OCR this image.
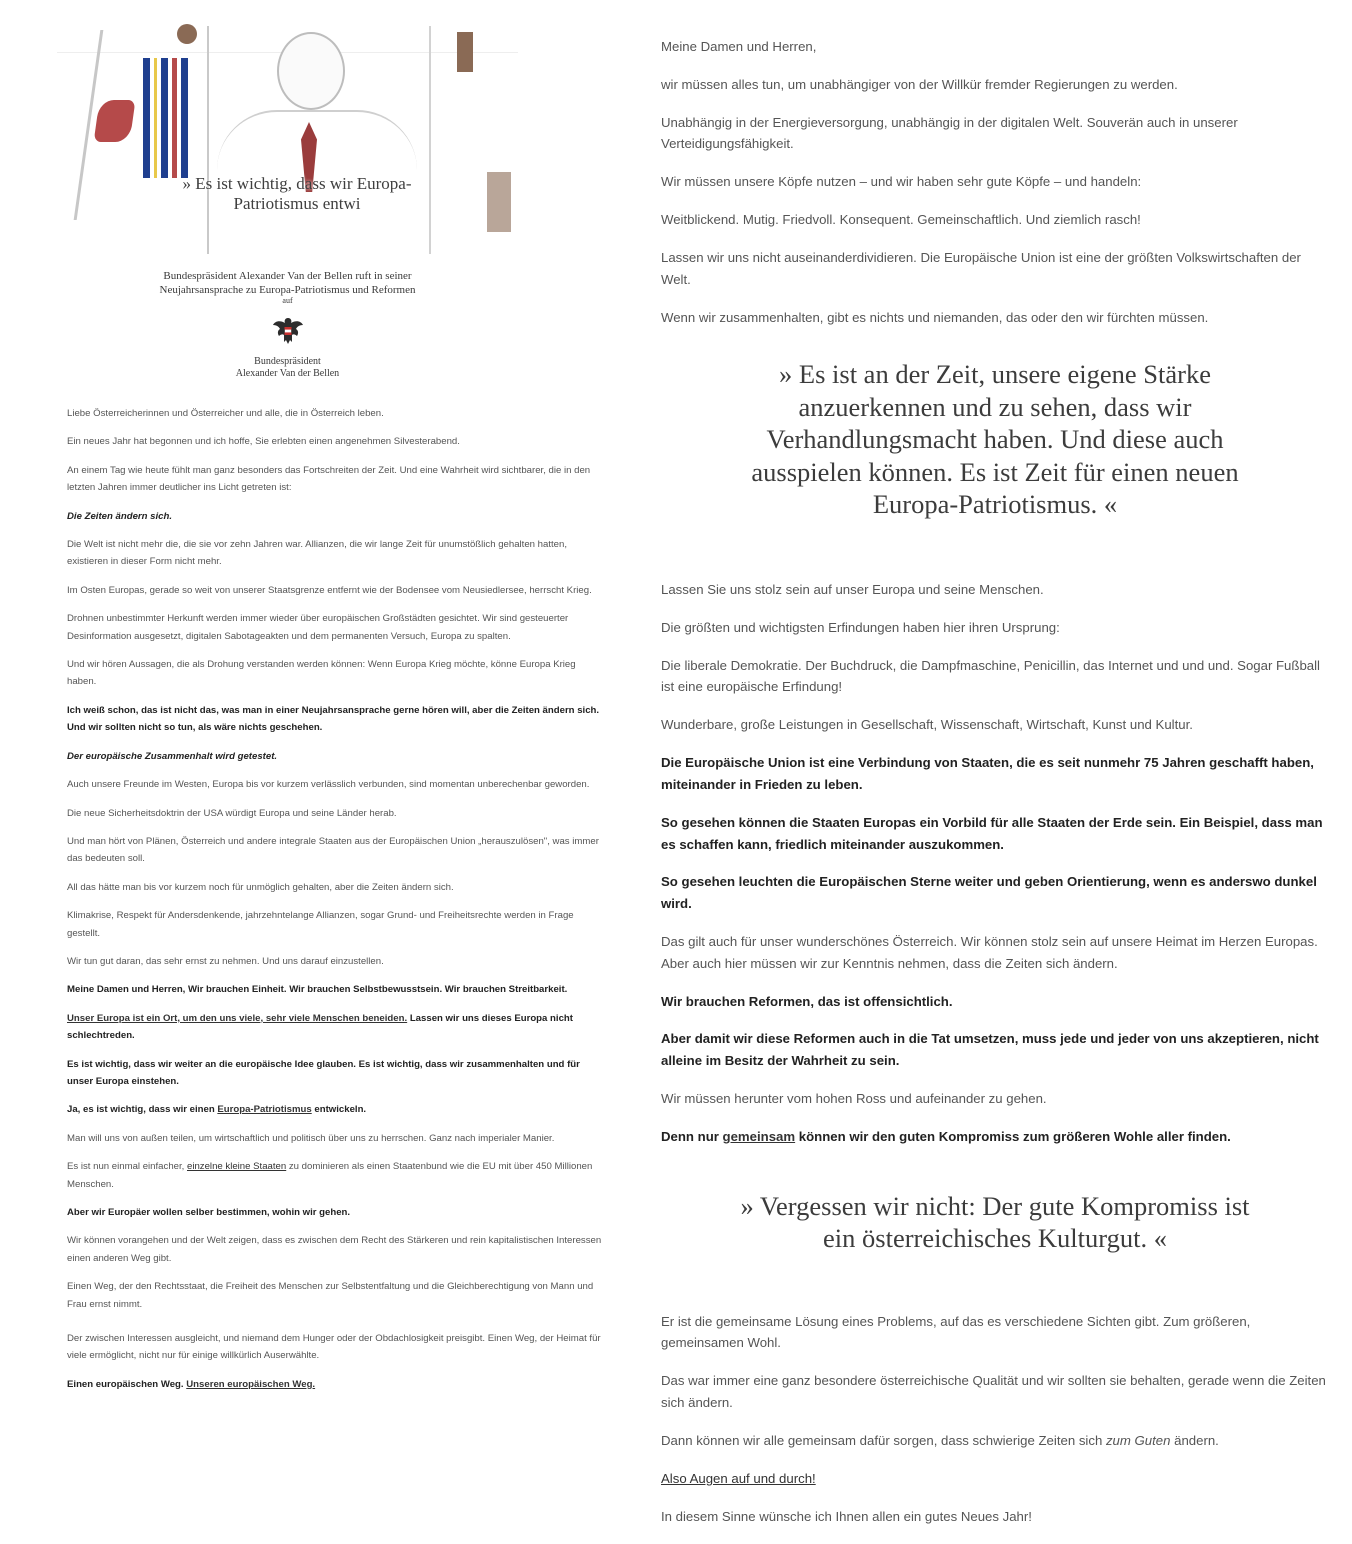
» Es ist wichtig, dass wir Europa-Patriotismus entwi
Bundespräsident Alexander Van der Bellen ruft in seiner
Neujahrsansprache zu Europa-Patriotismus und Reformen
auf
Bundespräsident
Alexander Van der Bellen

Liebe Österreicherinnen und Österreicher und alle, die in Österreich leben.

Ein neues Jahr hat begonnen und ich hoffe, Sie erlebten einen angenehmen Silvesterabend.

An einem Tag wie heute fühlt man ganz besonders das Fortschreiten der Zeit. Und eine Wahrheit wird sichtbarer, die in den letzten Jahren immer deutlicher ins Licht getreten ist:

Die Zeiten ändern sich.

Die Welt ist nicht mehr die, die sie vor zehn Jahren war. Allianzen, die wir lange Zeit für unumstößlich gehalten hatten, existieren in dieser Form nicht mehr.

Im Osten Europas, gerade so weit von unserer Staatsgrenze entfernt wie der Bodensee vom Neusiedlersee, herrscht Krieg.

Drohnen unbestimmter Herkunft werden immer wieder über europäischen Großstädten gesichtet. Wir sind gesteuerter Desinformation ausgesetzt, digitalen Sabotageakten und dem permanenten Versuch, Europa zu spalten.

Und wir hören Aussagen, die als Drohung verstanden werden können: Wenn Europa Krieg möchte, könne Europa Krieg haben.

Ich weiß schon, das ist nicht das, was man in einer Neujahrsansprache gerne hören will, aber die Zeiten ändern sich. Und wir sollten nicht so tun, als wäre nichts geschehen.

Der europäische Zusammenhalt wird getestet.

Auch unsere Freunde im Westen, Europa bis vor kurzem verlässlich verbunden, sind momentan unberechenbar geworden.

Die neue Sicherheitsdoktrin der USA würdigt Europa und seine Länder herab.

Und man hört von Plänen, Österreich und andere integrale Staaten aus der Europäischen Union „herauszulösen", was immer das bedeuten soll.

All das hätte man bis vor kurzem noch für unmöglich gehalten, aber die Zeiten ändern sich.

Klimakrise, Respekt für Andersdenkende, jahrzehntelange Allianzen, sogar Grund- und Freiheitsrechte werden in Frage gestellt.

Wir tun gut daran, das sehr ernst zu nehmen. Und uns darauf einzustellen.

Meine Damen und Herren, Wir brauchen Einheit. Wir brauchen Selbstbewusstsein. Wir brauchen Streitbarkeit.

Unser Europa ist ein Ort, um den uns viele, sehr viele Menschen beneiden. Lassen wir uns dieses Europa nicht schlechtreden.

Es ist wichtig, dass wir weiter an die europäische Idee glauben. Es ist wichtig, dass wir zusammenhalten und für unser Europa einstehen.

Ja, es ist wichtig, dass wir einen Europa-Patriotismus entwickeln.

Man will uns von außen teilen, um wirtschaftlich und politisch über uns zu herrschen. Ganz nach imperialer Manier.

Es ist nun einmal einfacher, einzelne kleine Staaten zu dominieren als einen Staatenbund wie die EU mit über 450 Millionen Menschen.

Aber wir Europäer wollen selber bestimmen, wohin wir gehen.

Wir können vorangehen und der Welt zeigen, dass es zwischen dem Recht des Stärkeren und rein kapitalistischen Interessen einen anderen Weg gibt.

Einen Weg, der den Rechtsstaat, die Freiheit des Menschen zur Selbstentfaltung und die Gleichberechtigung von Mann und Frau ernst nimmt.

Der zwischen Interessen ausgleicht, und niemand dem Hunger oder der Obdachlosigkeit preisgibt. Einen Weg, der Heimat für viele ermöglicht, nicht nur für einige willkürlich Auserwählte.

Einen europäischen Weg. Unseren europäischen Weg.

Meine Damen und Herren,

wir müssen alles tun, um unabhängiger von der Willkür fremder Regierungen zu werden.

Unabhängig in der Energieversorgung, unabhängig in der digitalen Welt. Souverän auch in unserer Verteidigungsfähigkeit.

Wir müssen unsere Köpfe nutzen – und wir haben sehr gute Köpfe – und handeln:

Weitblickend. Mutig. Friedvoll. Konsequent. Gemeinschaftlich. Und ziemlich rasch!

Lassen wir uns nicht auseinanderdividieren. Die Europäische Union ist eine der größten Volkswirtschaften der Welt.

Wenn wir zusammenhalten, gibt es nichts und niemanden, das oder den wir fürchten müssen.

» Es ist an der Zeit, unsere eigene Stärke anzuerkennen und zu sehen, dass wir Verhandlungsmacht haben. Und diese auch ausspielen können. Es ist Zeit für einen neuen Europa-Patriotismus. «

Lassen Sie uns stolz sein auf unser Europa und seine Menschen.

Die größten und wichtigsten Erfindungen haben hier ihren Ursprung:

Die liberale Demokratie. Der Buchdruck, die Dampfmaschine, Penicillin, das Internet und und und. Sogar Fußball ist eine europäische Erfindung!

Wunderbare, große Leistungen in Gesellschaft, Wissenschaft, Wirtschaft, Kunst und Kultur.

Die Europäische Union ist eine Verbindung von Staaten, die es seit nunmehr 75 Jahren geschafft haben, miteinander in Frieden zu leben.

So gesehen können die Staaten Europas ein Vorbild für alle Staaten der Erde sein. Ein Beispiel, dass man es schaffen kann, friedlich miteinander auszukommen.

So gesehen leuchten die Europäischen Sterne weiter und geben Orientierung, wenn es anderswo dunkel wird.

Das gilt auch für unser wunderschönes Österreich. Wir können stolz sein auf unsere Heimat im Herzen Europas. Aber auch hier müssen wir zur Kenntnis nehmen, dass die Zeiten sich ändern.

Wir brauchen Reformen, das ist offensichtlich.

Aber damit wir diese Reformen auch in die Tat umsetzen, muss jede und jeder von uns akzeptieren, nicht alleine im Besitz der Wahrheit zu sein.

Wir müssen herunter vom hohen Ross und aufeinander zu gehen.

Denn nur gemeinsam können wir den guten Kompromiss zum größeren Wohle aller finden.

» Vergessen wir nicht: Der gute Kompromiss ist ein österreichisches Kulturgut. «

Er ist die gemeinsame Lösung eines Problems, auf das es verschiedene Sichten gibt. Zum größeren, gemeinsamen Wohl.

Das war immer eine ganz besondere österreichische Qualität und wir sollten sie behalten, gerade wenn die Zeiten sich ändern.

Dann können wir alle gemeinsam dafür sorgen, dass schwierige Zeiten sich zum Guten ändern.

Also Augen auf und durch!

In diesem Sinne wünsche ich Ihnen allen ein gutes Neues Jahr!
